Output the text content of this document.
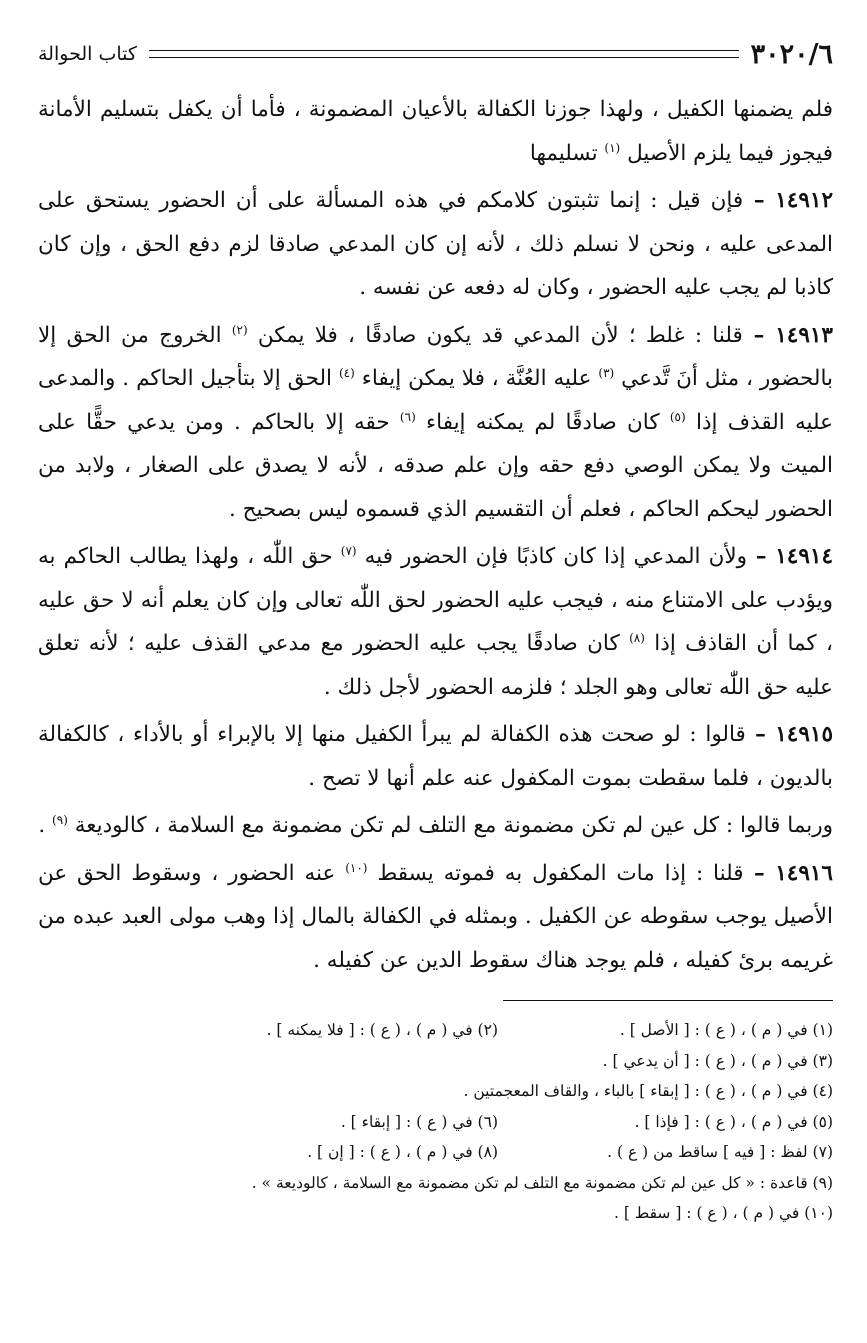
٣٠٢٠/٦
كتاب الحوالة

فلم يضمنها الكفيل ، ولهذا جوزنا الكفالة بالأعيان المضمونة ، فأما أن يكفل بتسليم الأمانة فيجوز فيما يلزم الأصيل $^{(١)}$ تسليمها

١٤٩١٢ – فإن قيل : إنما تثبتون كلامكم في هذه المسألة على أن الحضور يستحق على المدعى عليه ، ونحن لا نسلم ذلك ، لأنه إن كان المدعي صادقا لزم دفع الحق ، وإن كان كاذبا لم يجب عليه الحضور ، وكان له دفعه عن نفسه .

١٤٩١٣ – قلنا : غلط ؛ لأن المدعي قد يكون صادقًا ، فلا يمكن $^{(٢)}$ الخروج من الحق إلا بالحضور ، مثل أنَ تَّدعي $^{(٣)}$ عليه العُنَّة ، فلا يمكن إيفاء $^{(٤)}$ الحق إلا بتأجيل الحاكم . والمدعى عليه القذف إذا $^{(٥)}$ كان صادقًا لم يمكنه إيفاء $^{(٦)}$ حقه إلا بالحاكم . ومن يدعي حقًّا على الميت ولا يمكن الوصي دفع حقه وإن علم صدقه ، لأنه لا يصدق على الصغار ، ولابد من الحضور ليحكم الحاكم ، فعلم أن التقسيم الذي قسموه ليس بصحيح .

١٤٩١٤ – ولأن المدعي إذا كان كاذبًا فإن الحضور فيه $^{(٧)}$ حق اللّٰه ، ولهذا يطالب الحاكم به ويؤدب على الامتناع منه ، فيجب عليه الحضور لحق اللّٰه تعالى وإن كان يعلم أنه لا حق عليه ، كما أن القاذف إذا $^{(٨)}$ كان صادقًا يجب عليه الحضور مع مدعي القذف عليه ؛ لأنه تعلق عليه حق اللّٰه تعالى وهو الجلد ؛ فلزمه الحضور لأجل ذلك .

١٤٩١٥ – قالوا : لو صحت هذه الكفالة لم يبرأ الكفيل منها إلا بالإبراء أو بالأداء ، كالكفالة بالديون ، فلما سقطت بموت المكفول عنه علم أنها لا تصح .

وربما قالوا : كل عين لم تكن مضمونة مع التلف لم تكن مضمونة مع السلامة ، كالوديعة $^{(٩)}$ .

١٤٩١٦ – قلنا : إذا مات المكفول به فموته يسقط $^{(١٠)}$ عنه الحضور ، وسقوط الحق عن الأصيل يوجب سقوطه عن الكفيل . وبمثله في الكفالة بالمال إذا وهب مولى العبد عبده من غريمه برئ كفيله ، فلم يوجد هناك سقوط الدين عن كفيله .

(١) في ( م ) ، ( ع ) : [ الأصل ] .
(٢) في ( م ) ، ( ع ) : [ فلا يمكنه ] .
(٣) في ( م ) ، ( ع ) : [ أن يدعي ] .
(٤) في ( م ) ، ( ع ) : [ إبقاء ] بالباء ، والقاف المعجمتين .
(٥) في ( م ) ، ( ع ) : [ فإذا ] .
(٦) في ( ع ) : [ إبقاء ] .
(٧) لفظ : [ فيه ] ساقط من ( ع ) .
(٨) في ( م ) ، ( ع ) : [ إن ] .
(٩) قاعدة : « كل عين لم تكن مضمونة مع التلف لم تكن مضمونة مع السلامة ، كالوديعة » .
(١٠) في ( م ) ، ( ع ) : [ سقط ] .
